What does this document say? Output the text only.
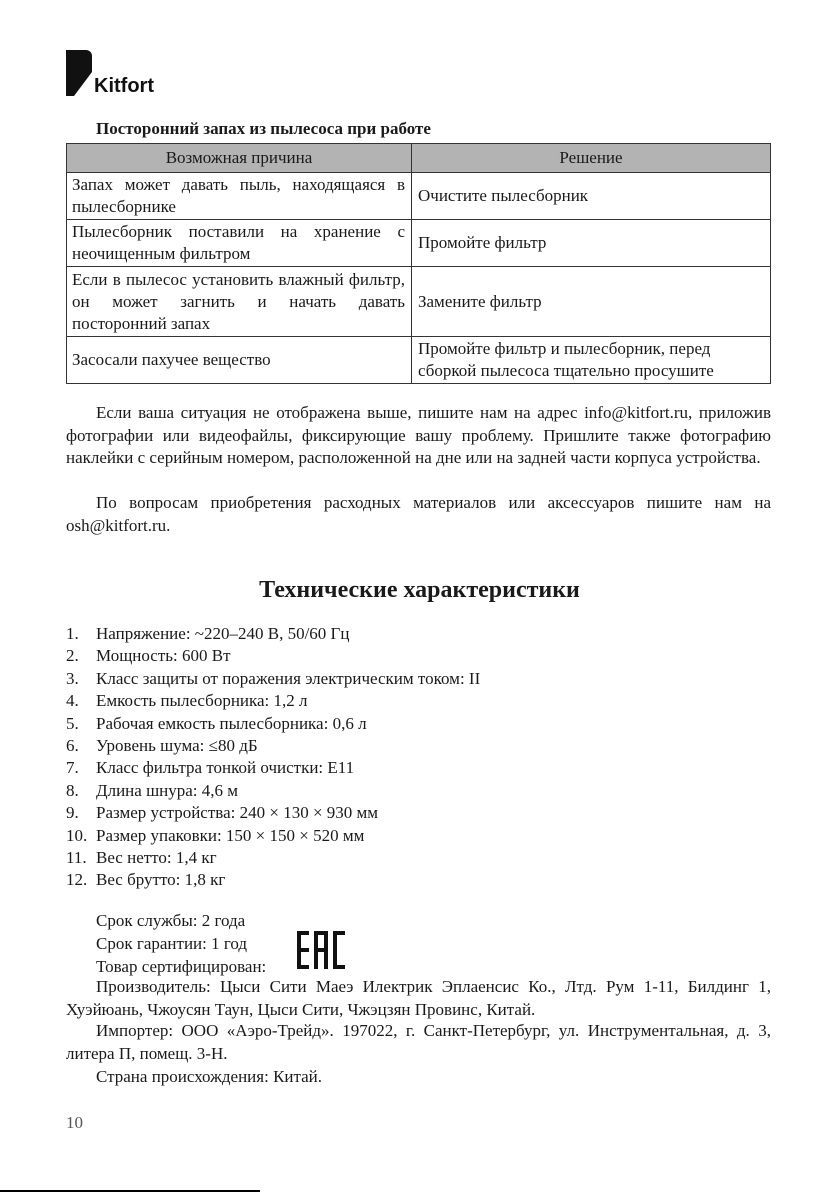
Kitfort
Посторонний запах из пылесоса при работе
Возможная причина	Решение
Запах может давать пыль, находящаяся в пылесборнике	Очистите пылесборник
Пылесборник поставили на хранение с неочищенным фильтром	Промойте фильтр
Если в пылесос установить влажный фильтр, он может загнить и начать давать посторонний запах	Замените фильтр
Засосали пахучее вещество	Промойте фильтр и пылесборник, перед сборкой пылесоса тщательно просушите

Если ваша ситуация не отображена выше, пишите нам на адрес info@kitfort.ru, приложив фотографии или видеофайлы, фиксирующие вашу проблему. Пришлите также фотографию наклейки с серийным номером, расположенной на дне или на задней части корпуса устройства.

По вопросам приобретения расходных материалов или аксессуаров пишите нам на osh@kitfort.ru.

Технические характеристики
1.	Напряжение: ~220–240 В, 50/60 Гц
2.	Мощность: 600 Вт
3.	Класс защиты от поражения электрическим током: II
4.	Емкость пылесборника: 1,2 л
5.	Рабочая емкость пылесборника: 0,6 л
6.	Уровень шума: ≤80 дБ
7.	Класс фильтра тонкой очистки: E11
8.	Длина шнура: 4,6 м
9.	Размер устройства: 240 × 130 × 930 мм
10. Размер упаковки: 150 × 150 × 520 мм
11. Вес нетто: 1,4 кг
12. Вес брутто: 1,8 кг
Срок службы: 2 года
Срок гарантии: 1 год
Товар сертифицирован:

Производитель: Цыси Сити Маеэ Илектрик Эплаенсис Ко., Лтд. Рум 1-11, Билдинг 1, Хуэйюань, Чжоусян Таун, Цыси Сити, Чжэцзян Провинс, Китай.

Импортер: ООО «Аэро-Трейд». 197022, г. Санкт-Петербург, ул. Инструментальная, д. 3, литера П, помещ. 3-Н.

Страна происхождения: Китай.

10
